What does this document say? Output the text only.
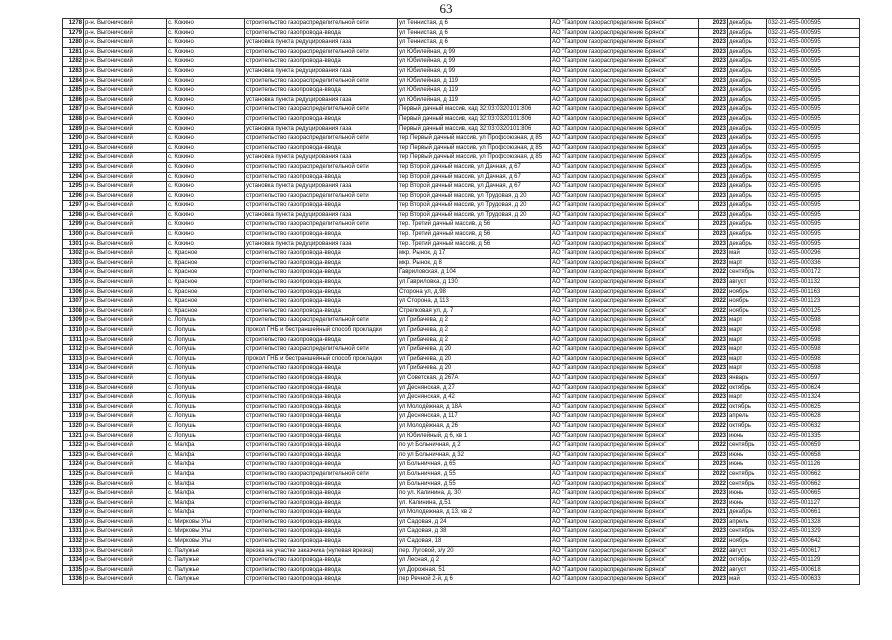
63
1278	р-н. Выгоничский	с. Кокино	строительство газораспределительной сети	ул Теннистая, д 6	АО "Газпром газораспределение Брянск"	2023	декабрь	032-21-455-000595
1279	р-н. Выгоничский	с. Кокино	строительство газопровода-ввода	ул Теннистая, д 6	АО "Газпром газораспределение Брянск"	2023	декабрь	032-21-455-000595
1280	р-н. Выгоничский	с. Кокино	установка пункта редуцирования газа	ул Теннистая, д 6	АО "Газпром газораспределение Брянск"	2023	декабрь	032-21-455-000595
1281	р-н. Выгоничский	с. Кокино	строительство газораспределительной сети	ул Юбилейная, д 99	АО "Газпром газораспределение Брянск"	2023	декабрь	032-21-455-000595
1282	р-н. Выгоничский	с. Кокино	строительство газопровода-ввода	ул Юбилейная, д 99	АО "Газпром газораспределение Брянск"	2023	декабрь	032-21-455-000595
1283	р-н. Выгоничский	с. Кокино	установка пункта редуцирования газа	ул Юбилейная, д 99	АО "Газпром газораспределение Брянск"	2023	декабрь	032-21-455-000595
1284	р-н. Выгоничский	с. Кокино	строительство газораспределительной сети	ул Юбилейная, д 119	АО "Газпром газораспределение Брянск"	2023	декабрь	032-21-455-000595
1285	р-н. Выгоничский	с. Кокино	строительство газопровода-ввода	ул Юбилейная, д 119	АО "Газпром газораспределение Брянск"	2023	декабрь	032-21-455-000595
1286	р-н. Выгоничский	с. Кокино	установка пункта редуцирования газа	ул Юбилейная, д 119	АО "Газпром газораспределение Брянск"	2023	декабрь	032-21-455-000595
1287	р-н. Выгоничский	с. Кокино	строительство газораспределительной сети	Первый дачный массив, кад 32:03:0320101:806	АО "Газпром газораспределение Брянск"	2023	декабрь	032-21-455-000595
1288	р-н. Выгоничский	с. Кокино	строительство газопровода-ввода	Первый дачный массив, кад 32:03:0320101:806	АО "Газпром газораспределение Брянск"	2023	декабрь	032-21-455-000595
1289	р-н. Выгоничский	с. Кокино	установка пункта редуцирования газа	Первый дачный массив, кад 32:03:0320101:806	АО "Газпром газораспределение Брянск"	2023	декабрь	032-21-455-000595
1290	р-н. Выгоничский	с. Кокино	строительство газораспределительной сети	тер Первый дачный массив, ул Профсоюзная, д 85	АО "Газпром газораспределение Брянск"	2023	декабрь	032-21-455-000595
1291	р-н. Выгоничский	с. Кокино	строительство газопровода-ввода	тер Первый дачный массив, ул Профсоюзная, д 85	АО "Газпром газораспределение Брянск"	2023	декабрь	032-21-455-000595
1292	р-н. Выгоничский	с. Кокино	установка пункта редуцирования газа	тер Первый дачный массив, ул Профсоюзная, д 85	АО "Газпром газораспределение Брянск"	2023	декабрь	032-21-455-000595
1293	р-н. Выгоничский	с. Кокино	строительство газораспределительной сети	тер Второй дачный массив, ул Дачная, д 67	АО "Газпром газораспределение Брянск"	2023	декабрь	032-21-455-000595
1294	р-н. Выгоничский	с. Кокино	строительство газопровода-ввода	тер Второй дачный массив, ул Дачная, д 67	АО "Газпром газораспределение Брянск"	2023	декабрь	032-21-455-000595
1295	р-н. Выгоничский	с. Кокино	установка пункта редуцирования газа	тер Второй дачный массив, ул Дачная, д 67	АО "Газпром газораспределение Брянск"	2023	декабрь	032-21-455-000595
1296	р-н. Выгоничский	с. Кокино	строительство газораспределительной сети	тер Второй дачный массив, ул Трудовая, д 20	АО "Газпром газораспределение Брянск"	2023	декабрь	032-21-455-000595
1297	р-н. Выгоничский	с. Кокино	строительство газопровода-ввода	тер Второй дачный массив, ул Трудовая, д 20	АО "Газпром газораспределение Брянск"	2023	декабрь	032-21-455-000595
1298	р-н. Выгоничский	с. Кокино	установка пункта редуцирования газа	тер Второй дачный массив, ул Трудовая, д 20	АО "Газпром газораспределение Брянск"	2023	декабрь	032-21-455-000595
1299	р-н. Выгоничский	с. Кокино	строительство газораспределительной сети	тер. Третий дачный массив, д 56	АО "Газпром газораспределение Брянск"	2023	декабрь	032-21-455-000595
1300	р-н. Выгоничский	с. Кокино	строительство газопровода-ввода	тер. Третий дачный массив, д 56	АО "Газпром газораспределение Брянск"	2023	декабрь	032-21-455-000595
1301	р-н. Выгоничский	с. Кокино	установка пункта редуцирования газа	тер. Третий дачный массив, д 56	АО "Газпром газораспределение Брянск"	2023	декабрь	032-21-455-000595
1302	р-н. Выгоничский	с. Красное	строительство газопровода-ввода	мкр. Рынок, д 17	АО "Газпром газораспределение Брянск"	2023	май	032-21-455-000296
1303	р-н. Выгоничский	с. Красное	строительство газопровода-ввода	мкр. Рынок, д 8	АО "Газпром газораспределение Брянск"	2023	март	032-21-455-000336
1304	р-н. Выгоничский	с. Красное	строительство газопровода-ввода	Гавриловская, д 104	АО "Газпром газораспределение Брянск"	2022	сентябрь	032-21-455-000172
1305	р-н. Выгоничский	с. Красное	строительство газопровода-ввода	ул Гавриловка, д 130	АО "Газпром газораспределение Брянск"	2023	август	032-22-455-001132
1306	р-н. Выгоничский	с. Красное	строительство газопровода-ввода	Сторона ул, д.98	АО "Газпром газораспределение Брянск"	2022	ноябрь	032-22-455-001163
1307	р-н. Выгоничский	с. Красное	строительство газопровода-ввода	ул Сторона, д 113	АО "Газпром газораспределение Брянск"	2022	ноябрь	032-22-455-001123
1308	р-н. Выгоничский	с. Красное	строительство газопровода-ввода	Стрелковая ул, д. 7	АО "Газпром газораспределение Брянск"	2022	ноябрь	032-21-455-000125
1309	р-н. Выгоничский	с. Лопушь	строительство газораспределительной сети	ул Грибачева, д 2	АО "Газпром газораспределение Брянск"	2023	март	032-21-455-000598
1310	р-н. Выгоничский	с. Лопушь	прокол ГНБ и бестраншейный способ прокладки	ул Грибачева, д 2	АО "Газпром газораспределение Брянск"	2023	март	032-21-455-000598
1311	р-н. Выгоничский	с. Лопушь	строительство газопровода-ввода	ул Грибачева, д 2	АО "Газпром газораспределение Брянск"	2023	март	032-21-455-000598
1312	р-н. Выгоничский	с. Лопушь	строительство газораспределительной сети	ул Грибачева, д 20	АО "Газпром газораспределение Брянск"	2023	март	032-21-455-000598
1313	р-н. Выгоничский	с. Лопушь	прокол ГНБ и бестраншейный способ прокладки	ул Грибачева, д 20	АО "Газпром газораспределение Брянск"	2023	март	032-21-455-000598
1314	р-н. Выгоничский	с. Лопушь	строительство газопровода-ввода	ул Грибачева, д 20	АО "Газпром газораспределение Брянск"	2023	март	032-21-455-000598
1315	р-н. Выгоничский	с. Лопушь	строительство газопровода-ввода	ул Советская, д 267А	АО "Газпром газораспределение Брянск"	2023	январь	032-21-455-000597
1316	р-н. Выгоничский	с. Лопушь	строительство газопровода-ввода	ул Деснянская, д 27	АО "Газпром газораспределение Брянск"	2022	октябрь	032-21-455-000624
1317	р-н. Выгоничский	с. Лопушь	строительство газопровода-ввода	ул Деснянская, д 42	АО "Газпром газораспределение Брянск"	2023	март	032-22-455-001324
1318	р-н. Выгоничский	с. Лопушь	строительство газопровода-ввода	ул Молодёжная, д 18А	АО "Газпром газораспределение Брянск"	2022	октябрь	032-21-455-000625
1319	р-н. Выгоничский	с. Лопушь	строительство газопровода-ввода	ул Деснянская, д 117	АО "Газпром газораспределение Брянск"	2023	апрель	032-21-455-000628
1320	р-н. Выгоничский	с. Лопушь	строительство газопровода-ввода	ул Молодёжная, д 26	АО "Газпром газораспределение Брянск"	2022	октябрь	032-21-455-000632
1321	р-н. Выгоничский	с. Лопушь	строительство газопровода-ввода	ул Юбилейный, д 6, кв 1	АО "Газпром газораспределение Брянск"	2023	июнь	032-22-455-001335
1322	р-н. Выгоничский	с. Малфа	строительство газопровода-ввода	по ул Больничная, д 2	АО "Газпром газораспределение Брянск"	2022	сентябрь	032-21-455-000659
1323	р-н. Выгоничский	с. Малфа	строительство газопровода-ввода	по ул Больничная, д 32	АО "Газпром газораспределение Брянск"	2023	июнь	032-21-455-000658
1324	р-н. Выгоничский	с. Малфа	строительство газопровода-ввода	ул Больничная, д 65	АО "Газпром газораспределение Брянск"	2023	июнь	032-21-455-001126
1325	р-н. Выгоничский	с. Малфа	строительство газораспределительной сети	ул Больничная, д 55	АО "Газпром газораспределение Брянск"	2022	сентябрь	032-21-455-000662
1326	р-н. Выгоничский	с. Малфа	строительство газопровода-ввода	ул Больничная, д 55	АО "Газпром газораспределение Брянск"	2022	сентябрь	032-21-455-000662
1327	р-н. Выгоничский	с. Малфа	строительство газопровода-ввода	по ул. Калинина, д. 30	АО "Газпром газораспределение Брянск"	2023	июнь	032-21-455-000665
1328	р-н. Выгоничский	с. Малфа	строительство газопровода-ввода	ул. Калинина, д.51	АО "Газпром газораспределение Брянск"	2023	июнь	032-22-455-001127
1329	р-н. Выгоничский	с. Малфа	строительство газопровода-ввода	ул Молодежная, д 13, кв 2	АО "Газпром газораспределение Брянск"	2021	декабрь	032-21-455-000661
1330	р-н. Выгоничский	с. Мирковы Угы	строительство газопровода-ввода	ул Садовая, д 24	АО "Газпром газораспределение Брянск"	2023	апрель	032-22-455-001328
1331	р-н. Выгоничский	с. Мирковы Угы	строительство газопровода-ввода	ул Садовая, д 38	АО "Газпром газораспределение Брянск"	2023	сентябрь	032-22-455-001329
1332	р-н. Выгоничский	с. Мирковы Угы	строительство газопровода-ввода	ул Садовая, 18	АО "Газпром газораспределение Брянск"	2022	ноябрь	032-21-455-000642
1333	р-н. Выгоничский	с. Палужье	врезка на участке заказчика (нулевая врезка)	пер. Луговой, з/у 20	АО "Газпром газораспределение Брянск"	2022	август	032-21-455-000617
1334	р-н. Выгоничский	с. Палужье	строительство газопровода-ввода	ул Лесная, д 2	АО "Газпром газораспределение Брянск"	2022	октябрь	032-22-455-001129
1335	р-н. Выгоничский	с. Палужье	строительство газопровода-ввода	ул Дорожная, 51	АО "Газпром газораспределение Брянск"	2022	август	032-21-455-000618
1336	р-н. Выгоничский	с. Палужье	строительство газопровода-ввода	пер Речной 2-й, д 6	АО "Газпром газораспределение Брянск"	2023	май	032-21-455-000633
